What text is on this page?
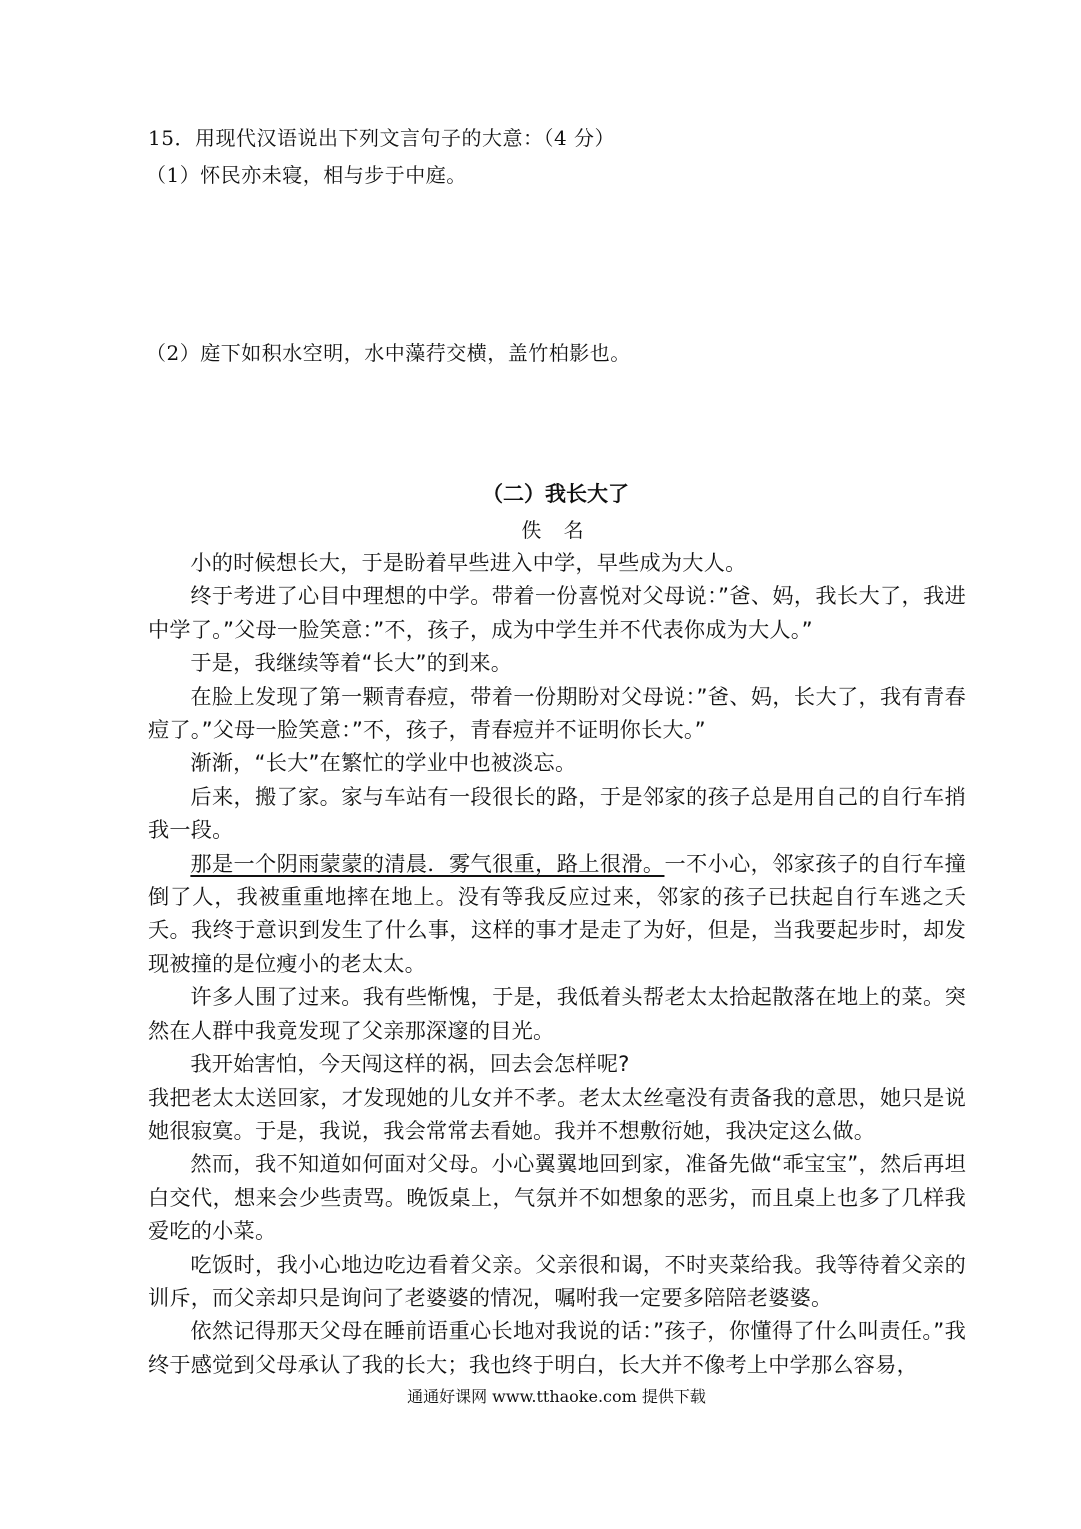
15．用现代汉语说出下列文言句子的大意：（4 分）
（1）怀民亦未寝，相与步于中庭。
（2）庭下如积水空明，水中藻荇交横，盖竹柏影也。
（二）我长大了
佚 名

小的时候想长大，于是盼着早些进入中学，早些成为大人。

终于考进了心目中理想的中学。带着一份喜悦对父母说：”爸、妈，我长大了，我进中学了。”父母一脸笑意：”不，孩子，成为中学生并不代表你成为大人。”

于是，我继续等着“长大”的到来。

在脸上发现了第一颗青春痘，带着一份期盼对父母说：”爸、妈，长大了，我有青春痘了。”父母一脸笑意：”不，孩子，青春痘并不证明你长大。”

渐渐，“长大”在繁忙的学业中也被淡忘。

后来，搬了家。家与车站有一段很长的路，于是邻家的孩子总是用自己的自行车捎我一段。

那是一个阴雨蒙蒙的清晨．雾气很重，路上很滑。一不小心，邻家孩子的自行车撞倒了人，我被重重地摔在地上。没有等我反应过来，邻家的孩子已扶起自行车逃之夭夭。我终于意识到发生了什么事，这样的事才是走了为好，但是，当我要起步时，却发现被撞的是位瘦小的老太太。

许多人围了过来。我有些惭愧，于是，我低着头帮老太太拾起散落在地上的菜。突然在人群中我竟发现了父亲那深邃的目光。

我开始害怕，今天闯这样的祸，回去会怎样呢?

我把老太太送回家，才发现她的儿女并不孝。老太太丝毫没有责备我的意思，她只是说她很寂寞。于是，我说，我会常常去看她。我并不想敷衍她，我决定这么做。

然而，我不知道如何面对父母。小心翼翼地回到家，准备先做“乖宝宝”，然后再坦白交代，想来会少些责骂。晚饭桌上，气氛并不如想象的恶劣，而且桌上也多了几样我爱吃的小菜。

吃饭时，我小心地边吃边看着父亲。父亲很和谒，不时夹菜给我。我等待着父亲的训斥，而父亲却只是询问了老婆婆的情况，嘱咐我一定要多陪陪老婆婆。

依然记得那天父母在睡前语重心长地对我说的话：”孩子，你懂得了什么叫责任。”我终于感觉到父母承认了我的长大；我也终于明白，长大并不像考上中学那么容易，

通通好课网 www.tthaoke.com 提供下载
